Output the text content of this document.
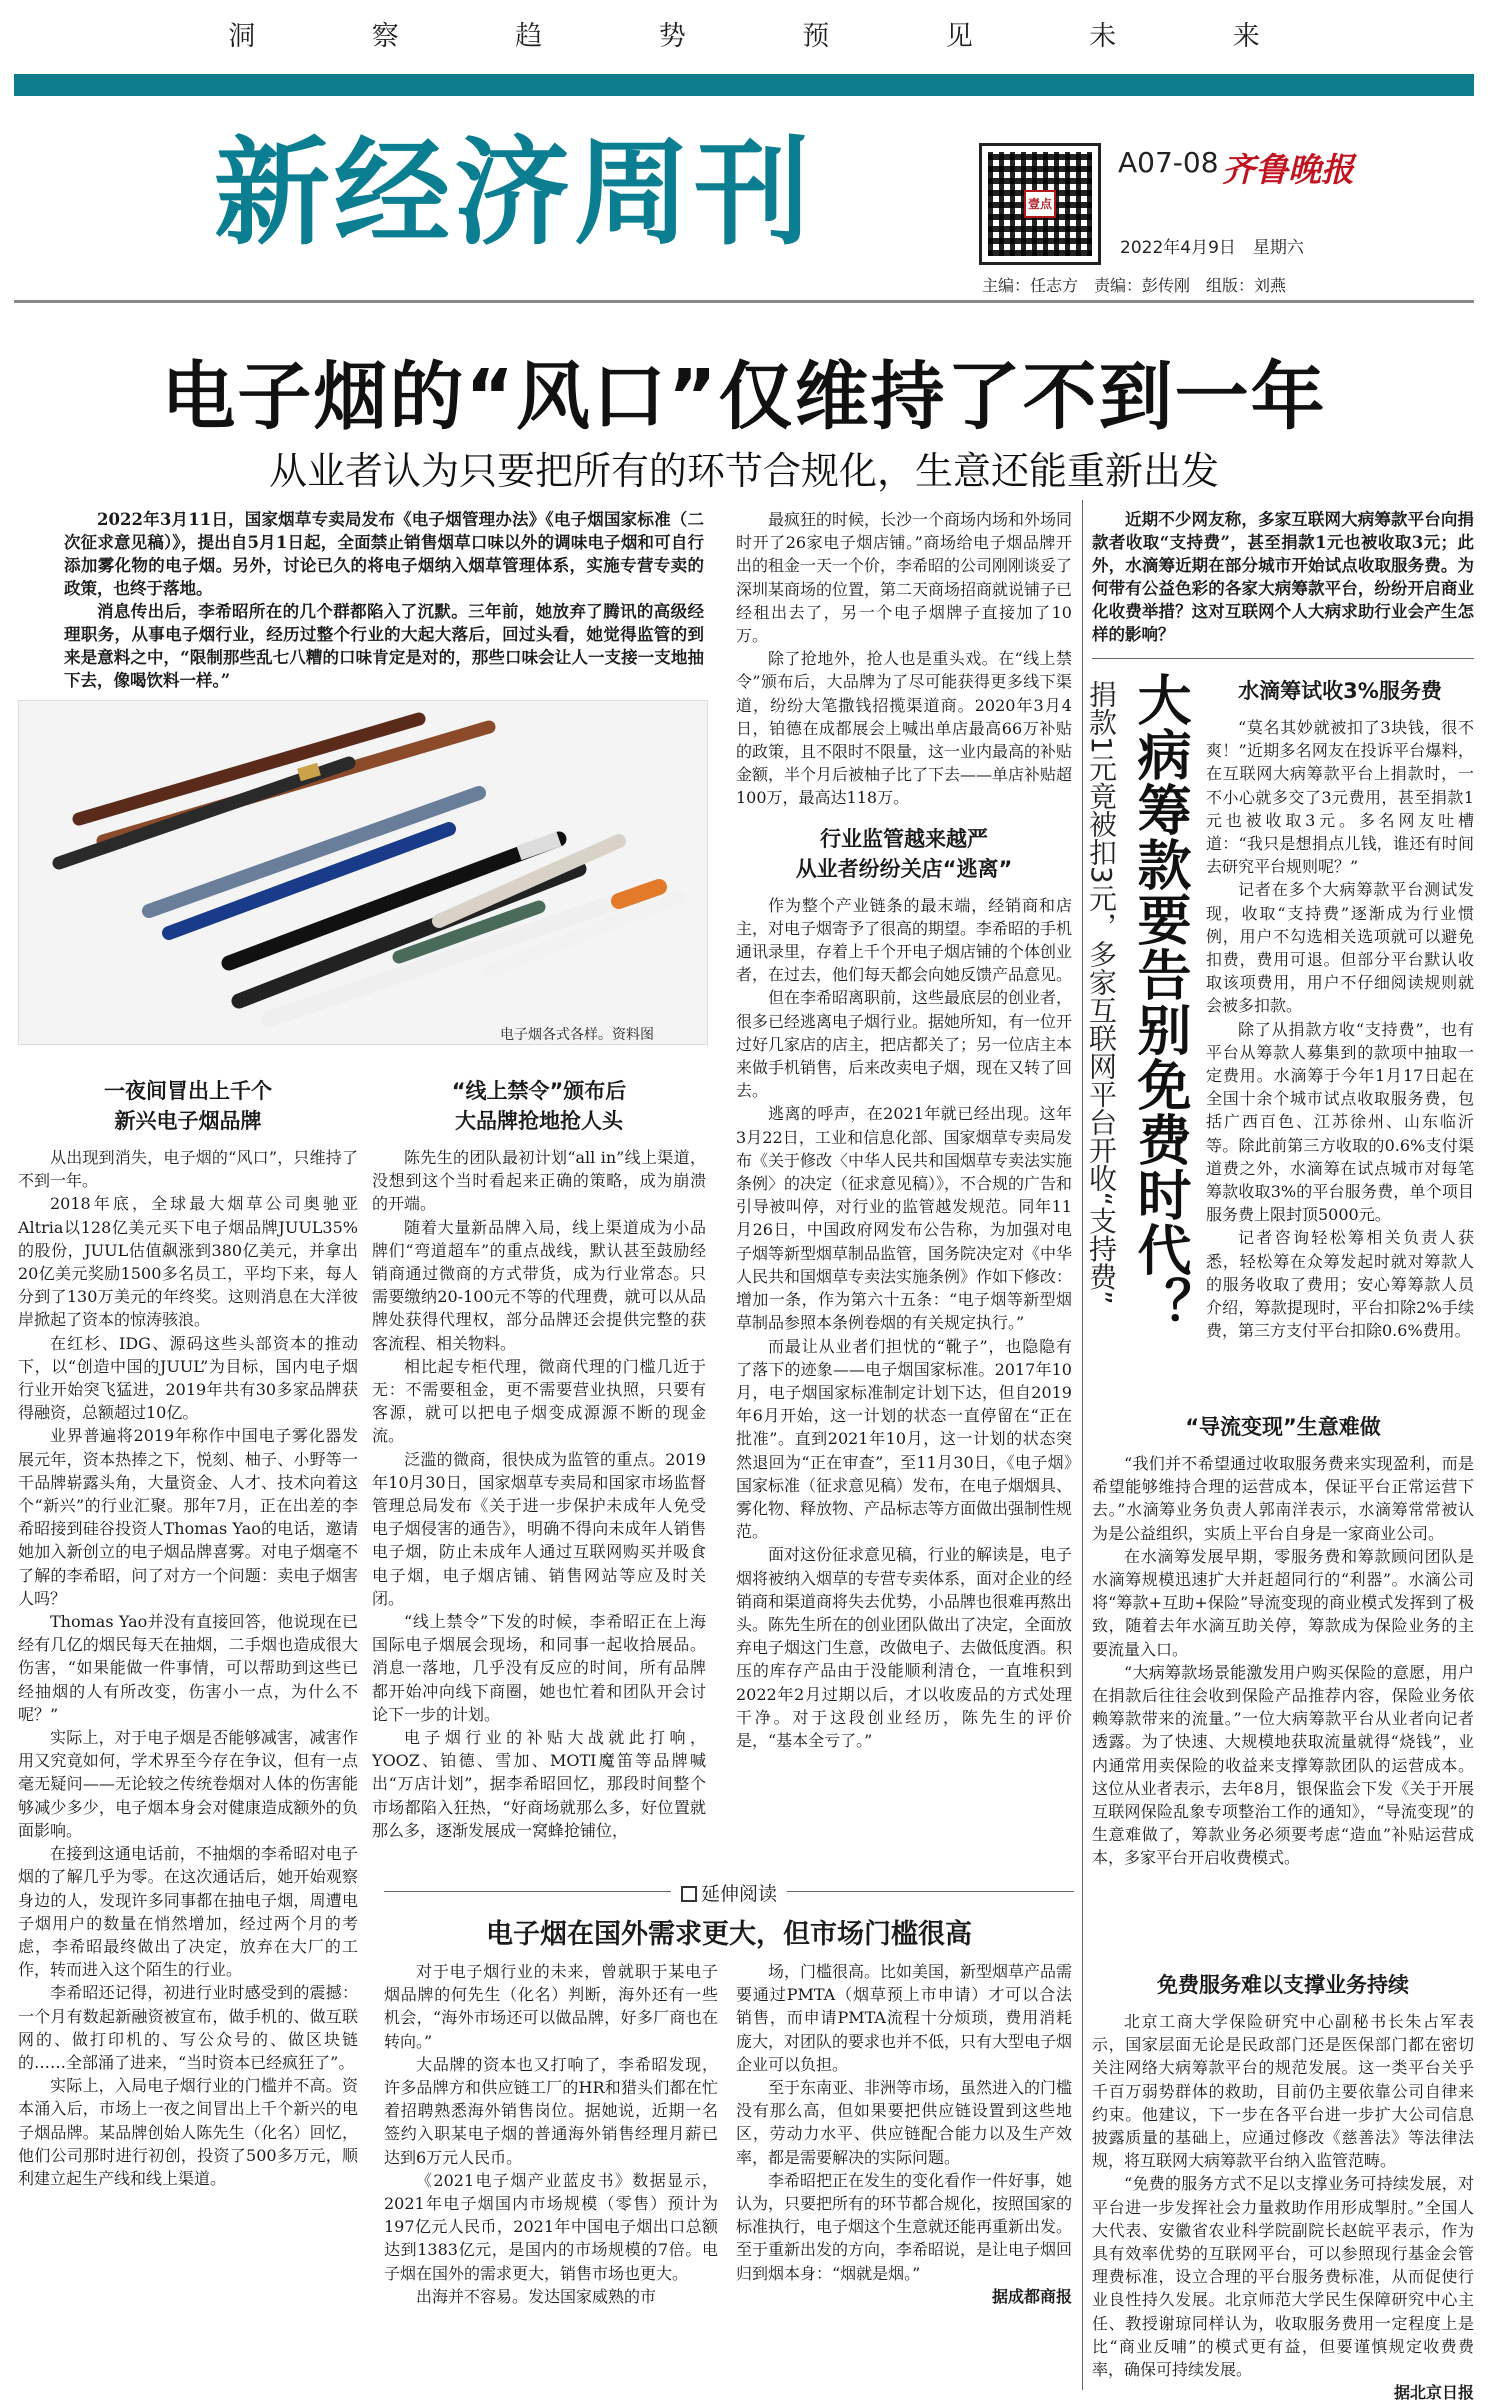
洞	察	趋	势	预	见	未	来
新经济周刊	壹点
A07-08 齐鲁晚报
2022年4月9日　星期六
主编：任志方　责编：彭传刚　组版：刘燕
电子烟的“风口”仅维持了不到一年
从业者认为只要把所有的环节合规化，生意还能重新出发

2022年3月11日，国家烟草专卖局发布《电子烟管理办法》《电子烟国家标准（二次征求意见稿）》，提出自5月1日起，全面禁止销售烟草口味以外的调味电子烟和可自行添加雾化物的电子烟。另外，讨论已久的将电子烟纳入烟草管理体系，实施专营专卖的政策，也终于落地。

消息传出后，李希昭所在的几个群都陷入了沉默。三年前，她放弃了腾讯的高级经理职务，从事电子烟行业，经历过整个行业的大起大落后，回过头看，她觉得监管的到来是意料之中，“限制那些乱七八糟的口味肯定是对的，那些口味会让人一支接一支地抽下去，像喝饮料一样。”

电子烟各式各样。资料图

一夜间冒出上千个
新兴电子烟品牌

从出现到消失，电子烟的“风口”，只维持了不到一年。

2018年底，全球最大烟草公司奥驰亚Altria以128亿美元买下电子烟品牌JUUL35%的股份，JUUL估值飙涨到380亿美元，并拿出20亿美元奖励1500多名员工，平均下来，每人分到了130万美元的年终奖。这则消息在大洋彼岸掀起了资本的惊涛骇浪。

在红杉、IDG、源码这些头部资本的推动下，以“创造中国的JUUL”为目标，国内电子烟行业开始突飞猛进，2019年共有30多家品牌获得融资，总额超过10亿。

业界普遍将2019年称作中国电子雾化器发展元年，资本热捧之下，悦刻、柚子、小野等一干品牌崭露头角，大量资金、人才、技术向着这个“新兴”的行业汇聚。那年7月，正在出差的李希昭接到硅谷投资人Thomas Yao的电话，邀请她加入新创立的电子烟品牌喜雾。对电子烟毫不了解的李希昭，问了对方一个问题：卖电子烟害人吗？

Thomas Yao并没有直接回答，他说现在已经有几亿的烟民每天在抽烟，二手烟也造成很大伤害，“如果能做一件事情，可以帮助到这些已经抽烟的人有所改变，伤害小一点，为什么不呢？”

实际上，对于电子烟是否能够减害，减害作用又究竟如何，学术界至今存在争议，但有一点毫无疑问——无论较之传统卷烟对人体的伤害能够减少多少，电子烟本身会对健康造成额外的负面影响。

在接到这通电话前，不抽烟的李希昭对电子烟的了解几乎为零。在这次通话后，她开始观察身边的人，发现许多同事都在抽电子烟，周遭电子烟用户的数量在悄然增加，经过两个月的考虑，李希昭最终做出了决定，放弃在大厂的工作，转而进入这个陌生的行业。

李希昭还记得，初进行业时感受到的震撼：一个月有数起新融资被宣布，做手机的、做互联网的、做打印机的、写公众号的、做区块链的……全部涌了进来，“当时资本已经疯狂了”。

实际上，入局电子烟行业的门槛并不高。资本涌入后，市场上一夜之间冒出上千个新兴的电子烟品牌。某品牌创始人陈先生（化名）回忆，他们公司那时进行初创，投资了500多万元，顺利建立起生产线和线上渠道。

“线上禁令”颁布后
大品牌抢地抢人头

陈先生的团队最初计划“all in”线上渠道，没想到这个当时看起来正确的策略，成为崩溃的开端。

随着大量新品牌入局，线上渠道成为小品牌们“弯道超车”的重点战线，默认甚至鼓励经销商通过微商的方式带货，成为行业常态。只需要缴纳20-100元不等的代理费，就可以从品牌处获得代理权，部分品牌还会提供完整的获客流程、相关物料。

相比起专柜代理，微商代理的门槛几近于无：不需要租金，更不需要营业执照，只要有客源，就可以把电子烟变成源源不断的现金流。

泛滥的微商，很快成为监管的重点。2019年10月30日，国家烟草专卖局和国家市场监督管理总局发布《关于进一步保护未成年人免受电子烟侵害的通告》，明确不得向未成年人销售电子烟，防止未成年人通过互联网购买并吸食电子烟，电子烟店铺、销售网站等应及时关闭。

“线上禁令”下发的时候，李希昭正在上海国际电子烟展会现场，和同事一起收拾展品。消息一落地，几乎没有反应的时间，所有品牌都开始冲向线下商圈，她也忙着和团队开会讨论下一步的计划。

电子烟行业的补贴大战就此打响，YOOZ、铂德、雪加、MOTI魔笛等品牌喊出“万店计划”，据李希昭回忆，那段时间整个市场都陷入狂热，“好商场就那么多，好位置就那么多，逐渐发展成一窝蜂抢铺位，

最疯狂的时候，长沙一个商场内场和外场同时开了26家电子烟店铺。”商场给电子烟品牌开出的租金一天一个价，李希昭的公司刚刚谈妥了深圳某商场的位置，第二天商场招商就说铺子已经租出去了，另一个电子烟牌子直接加了10万。

除了抢地外，抢人也是重头戏。在“线上禁令”颁布后，大品牌为了尽可能获得更多线下渠道，纷纷大笔撒钱招揽渠道商。2020年3月4日，铂德在成都展会上喊出单店最高66万补贴的政策，且不限时不限量，这一业内最高的补贴金额，半个月后被柚子比了下去——单店补贴超100万，最高达118万。

行业监管越来越严
从业者纷纷关店“逃离”

作为整个产业链条的最末端，经销商和店主，对电子烟寄予了很高的期望。李希昭的手机通讯录里，存着上千个开电子烟店铺的个体创业者，在过去，他们每天都会向她反馈产品意见。

但在李希昭离职前，这些最底层的创业者，很多已经逃离电子烟行业。据她所知，有一位开过好几家店的店主，把店都关了；另一位店主本来做手机销售，后来改卖电子烟，现在又转了回去。

逃离的呼声，在2021年就已经出现。这年3月22日，工业和信息化部、国家烟草专卖局发布《关于修改〈中华人民共和国烟草专卖法实施条例〉的决定（征求意见稿）》，不合规的广告和引导被叫停，对行业的监管越发规范。同年11月26日，中国政府网发布公告称，为加强对电子烟等新型烟草制品监管，国务院决定对《中华人民共和国烟草专卖法实施条例》作如下修改：增加一条，作为第六十五条：“电子烟等新型烟草制品参照本条例卷烟的有关规定执行。”

而最让从业者们担忧的“靴子”，也隐隐有了落下的迹象——电子烟国家标准。2017年10月，电子烟国家标准制定计划下达，但自2019年6月开始，这一计划的状态一直停留在“正在批准”。直到2021年10月，这一计划的状态突然退回为“正在审查”，至11月30日，《电子烟》国家标准（征求意见稿）发布，在电子烟烟具、雾化物、释放物、产品标志等方面做出强制性规范。

面对这份征求意见稿，行业的解读是，电子烟将被纳入烟草的专营专卖体系，面对企业的经销商和渠道商将失去优势，小品牌也很难再熬出头。陈先生所在的创业团队做出了决定，全面放弃电子烟这门生意，改做电子、去做低度酒。积压的库存产品由于没能顺利清仓，一直堆积到2022年2月过期以后，才以收废品的方式处理干净。对于这段创业经历，陈先生的评价是，“基本全亏了。”

延伸阅读
电子烟在国外需求更大，但市场门槛很高

对于电子烟行业的未来，曾就职于某电子烟品牌的何先生（化名）判断，海外还有一些机会，“海外市场还可以做品牌，好多厂商也在转向。”

大品牌的资本也又打响了，李希昭发现，许多品牌方和供应链工厂的HR和猎头们都在忙着招聘熟悉海外销售岗位。据她说，近期一名签约入职某电子烟的普通海外销售经理月薪已达到6万元人民币。

《2021电子烟产业蓝皮书》数据显示，2021年电子烟国内市场规模（零售）预计为197亿元人民币，2021年中国电子烟出口总额达到1383亿元，是国内的市场规模的7倍。电子烟在国外的需求更大，销售市场也更大。

出海并不容易。发达国家威熟的市

场，门槛很高。比如美国，新型烟草产品需要通过PMTA（烟草预上市申请）才可以合法销售，而申请PMTA流程十分烦琐，费用消耗庞大，对团队的要求也并不低，只有大型电子烟企业可以负担。

至于东南亚、非洲等市场，虽然进入的门槛没有那么高，但如果要把供应链设置到这些地区，劳动力水平、供应链配合能力以及生产效率，都是需要解决的实际问题。

李希昭把正在发生的变化看作一件好事，她认为，只要把所有的环节都合规化，按照国家的标准执行，电子烟这个生意就还能再重新出发。至于重新出发的方向，李希昭说，是让电子烟回归到烟本身：“烟就是烟。”

据成都商报

近期不少网友称，多家互联网大病筹款平台向捐款者收取“支持费”，甚至捐款1元也被收取3元；此外，水滴筹近期在部分城市开始试点收取服务费。为何带有公益色彩的各家大病筹款平台，纷纷开启商业化收费举措？这对互联网个人大病求助行业会产生怎样的影响？

捐款1元竟被扣3元，多家互联网平台开收“支持费” 大病筹款要告别免费时代？	水滴筹试收3%服务费

“莫名其妙就被扣了3块钱，很不爽！”近期多名网友在投诉平台爆料，在互联网大病筹款平台上捐款时，一不小心就多交了3元费用，甚至捐款1元也被收取3元。多名网友吐槽道：“我只是想捐点儿钱，谁还有时间去研究平台规则呢？”

记者在多个大病筹款平台测试发现，收取“支持费”逐渐成为行业惯例，用户不勾选相关选项就可以避免扣费，费用可退。但部分平台默认收取该项费用，用户不仔细阅读规则就会被多扣款。

除了从捐款方收“支持费”，也有平台从筹款人募集到的款项中抽取一定费用。水滴筹于今年1月17日起在全国十余个城市试点收取服务费，包括广西百色、江苏徐州、山东临沂等。除此前第三方收取的0.6%支付渠道费之外，水滴筹在试点城市对每笔筹款收取3%的平台服务费，单个项目服务费上限封顶5000元。

记者咨询轻松筹相关负责人获悉，轻松筹在众筹发起时就对筹款人的服务收取了费用；安心筹筹款人员介绍，筹款提现时，平台扣除2%手续费，第三方支付平台扣除0.6%费用。

“导流变现”生意难做

“我们并不希望通过收取服务费来实现盈利，而是希望能够维持合理的运营成本，保证平台正常运营下去。”水滴筹业务负责人郭南洋表示，水滴筹常常被认为是公益组织，实质上平台自身是一家商业公司。

在水滴筹发展早期，零服务费和筹款顾问团队是水滴筹规模迅速扩大并赶超同行的“利器”。水滴公司将“筹款+互助+保险”导流变现的商业模式发挥到了极致，随着去年水滴互助关停，筹款成为保险业务的主要流量入口。

“大病筹款场景能激发用户购买保险的意愿，用户在捐款后往往会收到保险产品推荐内容，保险业务依赖筹款带来的流量。”一位大病筹款平台从业者向记者透露。为了快速、大规模地获取流量就得“烧钱”，业内通常用卖保险的收益来支撑筹款团队的运营成本。这位从业者表示，去年8月，银保监会下发《关于开展互联网保险乱象专项整治工作的通知》，“导流变现”的生意难做了，筹款业务必须要考虑“造血”补贴运营成本，多家平台开启收费模式。

免费服务难以支撑业务持续

北京工商大学保险研究中心副秘书长朱占军表示，国家层面无论是民政部门还是医保部门都在密切关注网络大病筹款平台的规范发展。这一类平台关乎千百万弱势群体的救助，目前仍主要依靠公司自律来约束。他建议，下一步在各平台进一步扩大公司信息披露质量的基础上，应通过修改《慈善法》等法律法规，将互联网大病筹款平台纳入监管范畴。

“免费的服务方式不足以支撑业务可持续发展，对平台进一步发挥社会力量救助作用形成掣肘。”全国人大代表、安徽省农业科学院副院长赵皖平表示，作为具有效率优势的互联网平台，可以参照现行基金会管理费标准，设立合理的平台服务费标准，从而促使行业良性持久发展。北京师范大学民生保障研究中心主任、教授谢琼同样认为，收取服务费用一定程度上是比“商业反哺”的模式更有益，但要谨慎规定收费费率，确保可持续发展。

据北京日报
